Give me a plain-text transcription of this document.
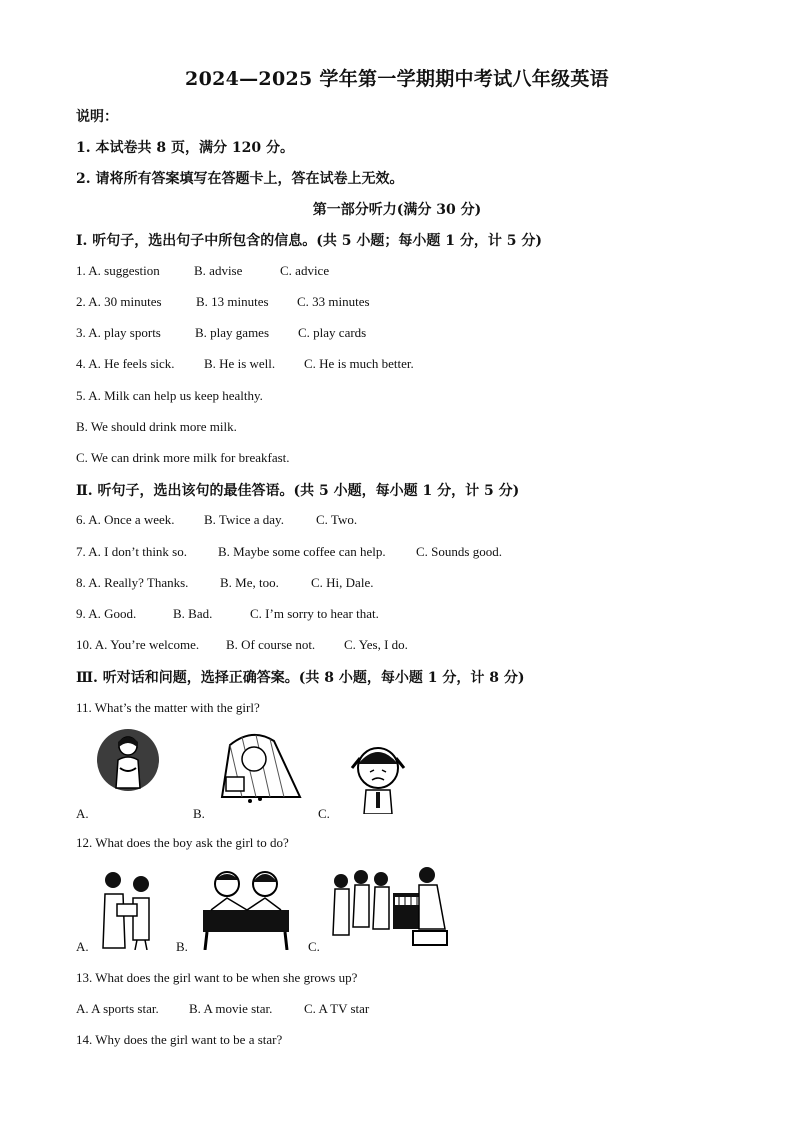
2024—2025 学年第一学期期中考试八年级英语
说明：
1. 本试卷共 8 页，满分 120 分。
2. 请将所有答案填写在答题卡上，答在试卷上无效。
第一部分听力(满分 30 分)
I. 听句子，选出句子中所包含的信息。(共 5 小题；每小题 1 分，计 5 分)
1. A. suggestion	B. advise	C. advice
2. A. 30 minutes	B. 13 minutes C. 33 minutes
3. A. play sports	B. play games C. play cards
4. A. He feels sick. B. He is well. C. He is much better.
5. A. Milk can help us keep healthy.
B. We should drink more milk.
C. We can drink more milk for breakfast.
Ⅱ. 听句子，选出该句的最佳答语。(共 5 小题，每小题 1 分，计 5 分)
6. A. Once a week. B. Twice a day. C. Two.
7. A. I don’t think so. B. Maybe some coffee can help. C. Sounds good.
8. A. Really? Thanks. B. Me, too. C. Hi, Dale.
9. A. Good.	B. Bad.	C. I’m sorry to hear that.
10. A. You’re welcome. B. Of course not. C. Yes, I do.
Ⅲ. 听对话和问题，选择正确答案。(共 8 小题，每小题 1 分，计 8 分)
11. What’s the matter with the girl?
A.	B.	C.
12. What does the boy ask the girl to do?
A.	B.	C.
13. What does the girl want to be when she grows up?
A. A sports star. B. A movie star. C. A TV star
14. Why does the girl want to be a star?
